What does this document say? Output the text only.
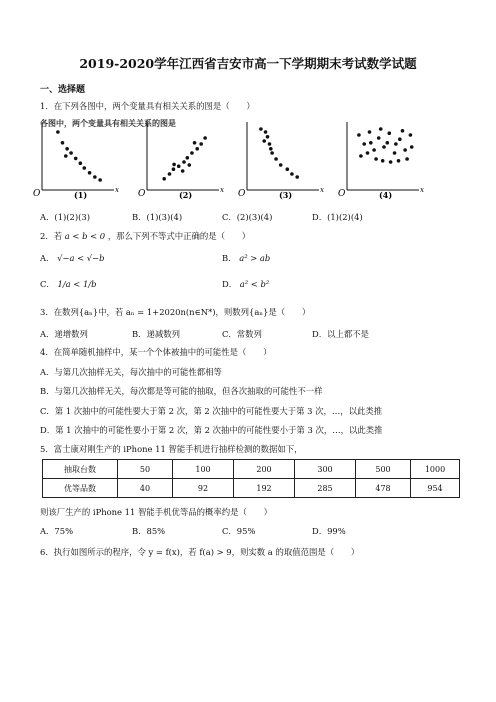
2019-2020学年江西省吉安市高一下学期期末考试数学试题
一、选择题
1．在下列各图中，两个变量具有相关关系的图是（　　）
各图中，两个变量具有相关关系的图是
O	x
(1)	O	x
(2)	O	x
(3)	O	x
(4)
A．(1)(2)(3)	B．(1)(3)(4)	C．(2)(3)(4)	D．(1)(2)(4)
2．若 a < b < 0 ，那么下列不等式中正确的是（　　）
A． √−a < √−b	B． a² > ab
C． 1/a < 1/b	D． a² < b²
3．在数列{aₙ}中，若 aₙ = 1+2020n(n∈N*)，则数列{aₙ}是（　　）
A．递增数列	B．递减数列	C．常数列	D．以上都不是
4．在简单随机抽样中，某一个个体被抽中的可能性是（　　）
A．与第几次抽样无关，每次抽中的可能性都相等
B．与第几次抽样无关，每次都是等可能的抽取，但各次抽取的可能性不一样
C．第 1 次抽中的可能性要大于第 2 次，第 2 次抽中的可能性要大于第 3 次，…，以此类推
D．第 1 次抽中的可能性要小于第 2 次，第 2 次抽中的可能性要小于第 3 次，…，以此类推
5．富士康对刚生产的 iPhone 11 智能手机进行抽样检测的数据如下，
抽取台数	50	100	200	300	500	1000
优等品数	40	92	192	285	478	954
则该厂生产的 iPhone 11 智能手机优等品的概率约是（　　）
A．75%	B．85%	C．95%	D．99%
6．执行如图所示的程序，令 y = f(x)，若 f(a) > 9，则实数 a 的取值范围是（　　）
